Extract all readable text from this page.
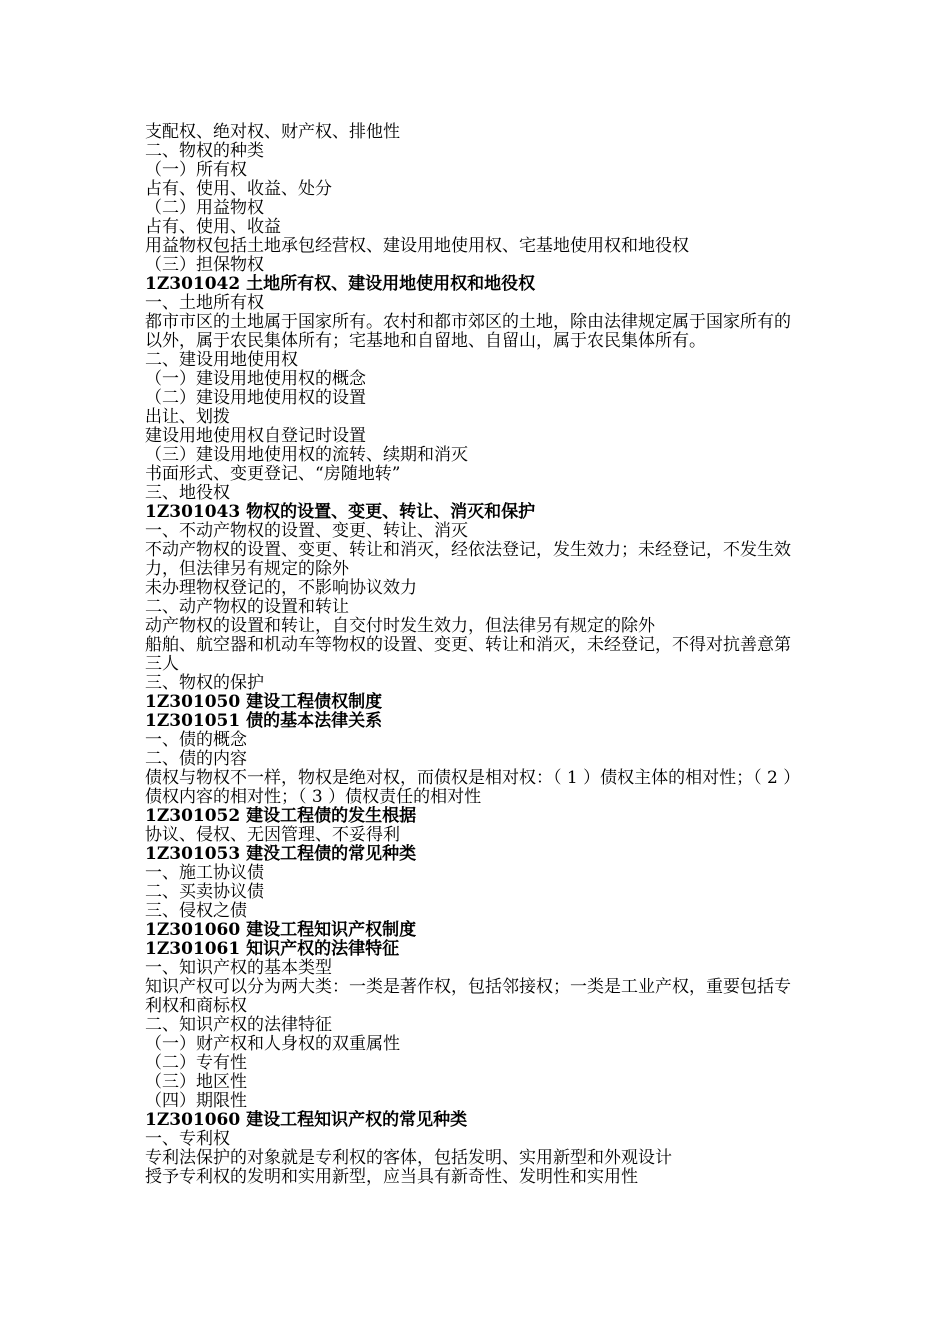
支配权、绝对权、财产权、排他性
二、物权的种类
（一）所有权
占有、使用、收益、处分
（二）用益物权
占有、使用、收益
用益物权包括土地承包经营权、建设用地使用权、宅基地使用权和地役权
（三）担保物权
1Z301042 土地所有权、建设用地使用权和地役权
一、土地所有权
都市市区的土地属于国家所有。农村和都市郊区的土地，除由法律规定属于国家所有的以外，属于农民集体所有；宅基地和自留地、自留山，属于农民集体所有。
二、建设用地使用权
（一）建设用地使用权的概念
（二）建设用地使用权的设置
出让、划拨
建设用地使用权自登记时设置
（三）建设用地使用权的流转、续期和消灭
书面形式、变更登记、“房随地转”
三、地役权
1Z301043 物权的设置、变更、转让、消灭和保护
一、不动产物权的设置、变更、转让、消灭
不动产物权的设置、变更、转让和消灭，经依法登记，发生效力；未经登记，不发生效力，但法律另有规定的除外
未办理物权登记的，不影响协议效力
二、动产物权的设置和转让
动产物权的设置和转让，自交付时发生效力，但法律另有规定的除外
船舶、航空器和机动车等物权的设置、变更、转让和消灭，未经登记，不得对抗善意第三人
三、物权的保护
1Z301050 建设工程债权制度
1Z301051 债的基本法律关系
一、债的概念
二、债的内容
债权与物权不一样，物权是绝对权，而债权是相对权：（ 1 ）债权主体的相对性；（ 2 ）债权内容的相对性；（ 3 ）债权责任的相对性
1Z301052 建设工程债的发生根据
协议、侵权、无因管理、不妥得利
1Z301053 建没工程债的常见种类
一、施工协议债
二、买卖协议债
三、侵权之债
1Z301060 建设工程知识产权制度
1Z301061 知识产权的法律特征
一、知识产权的基本类型
知识产权可以分为两大类：一类是著作权，包括邻接权；一类是工业产权，重要包括专利权和商标权
二、知识产权的法律特征
（一）财产权和人身权的双重属性
（二）专有性
（三）地区性
（四）期限性
1Z301060 建设工程知识产权的常见种类
一、专利权
专利法保护的对象就是专利权的客体，包括发明、实用新型和外观设计
授予专利权的发明和实用新型，应当具有新奇性、发明性和实用性
